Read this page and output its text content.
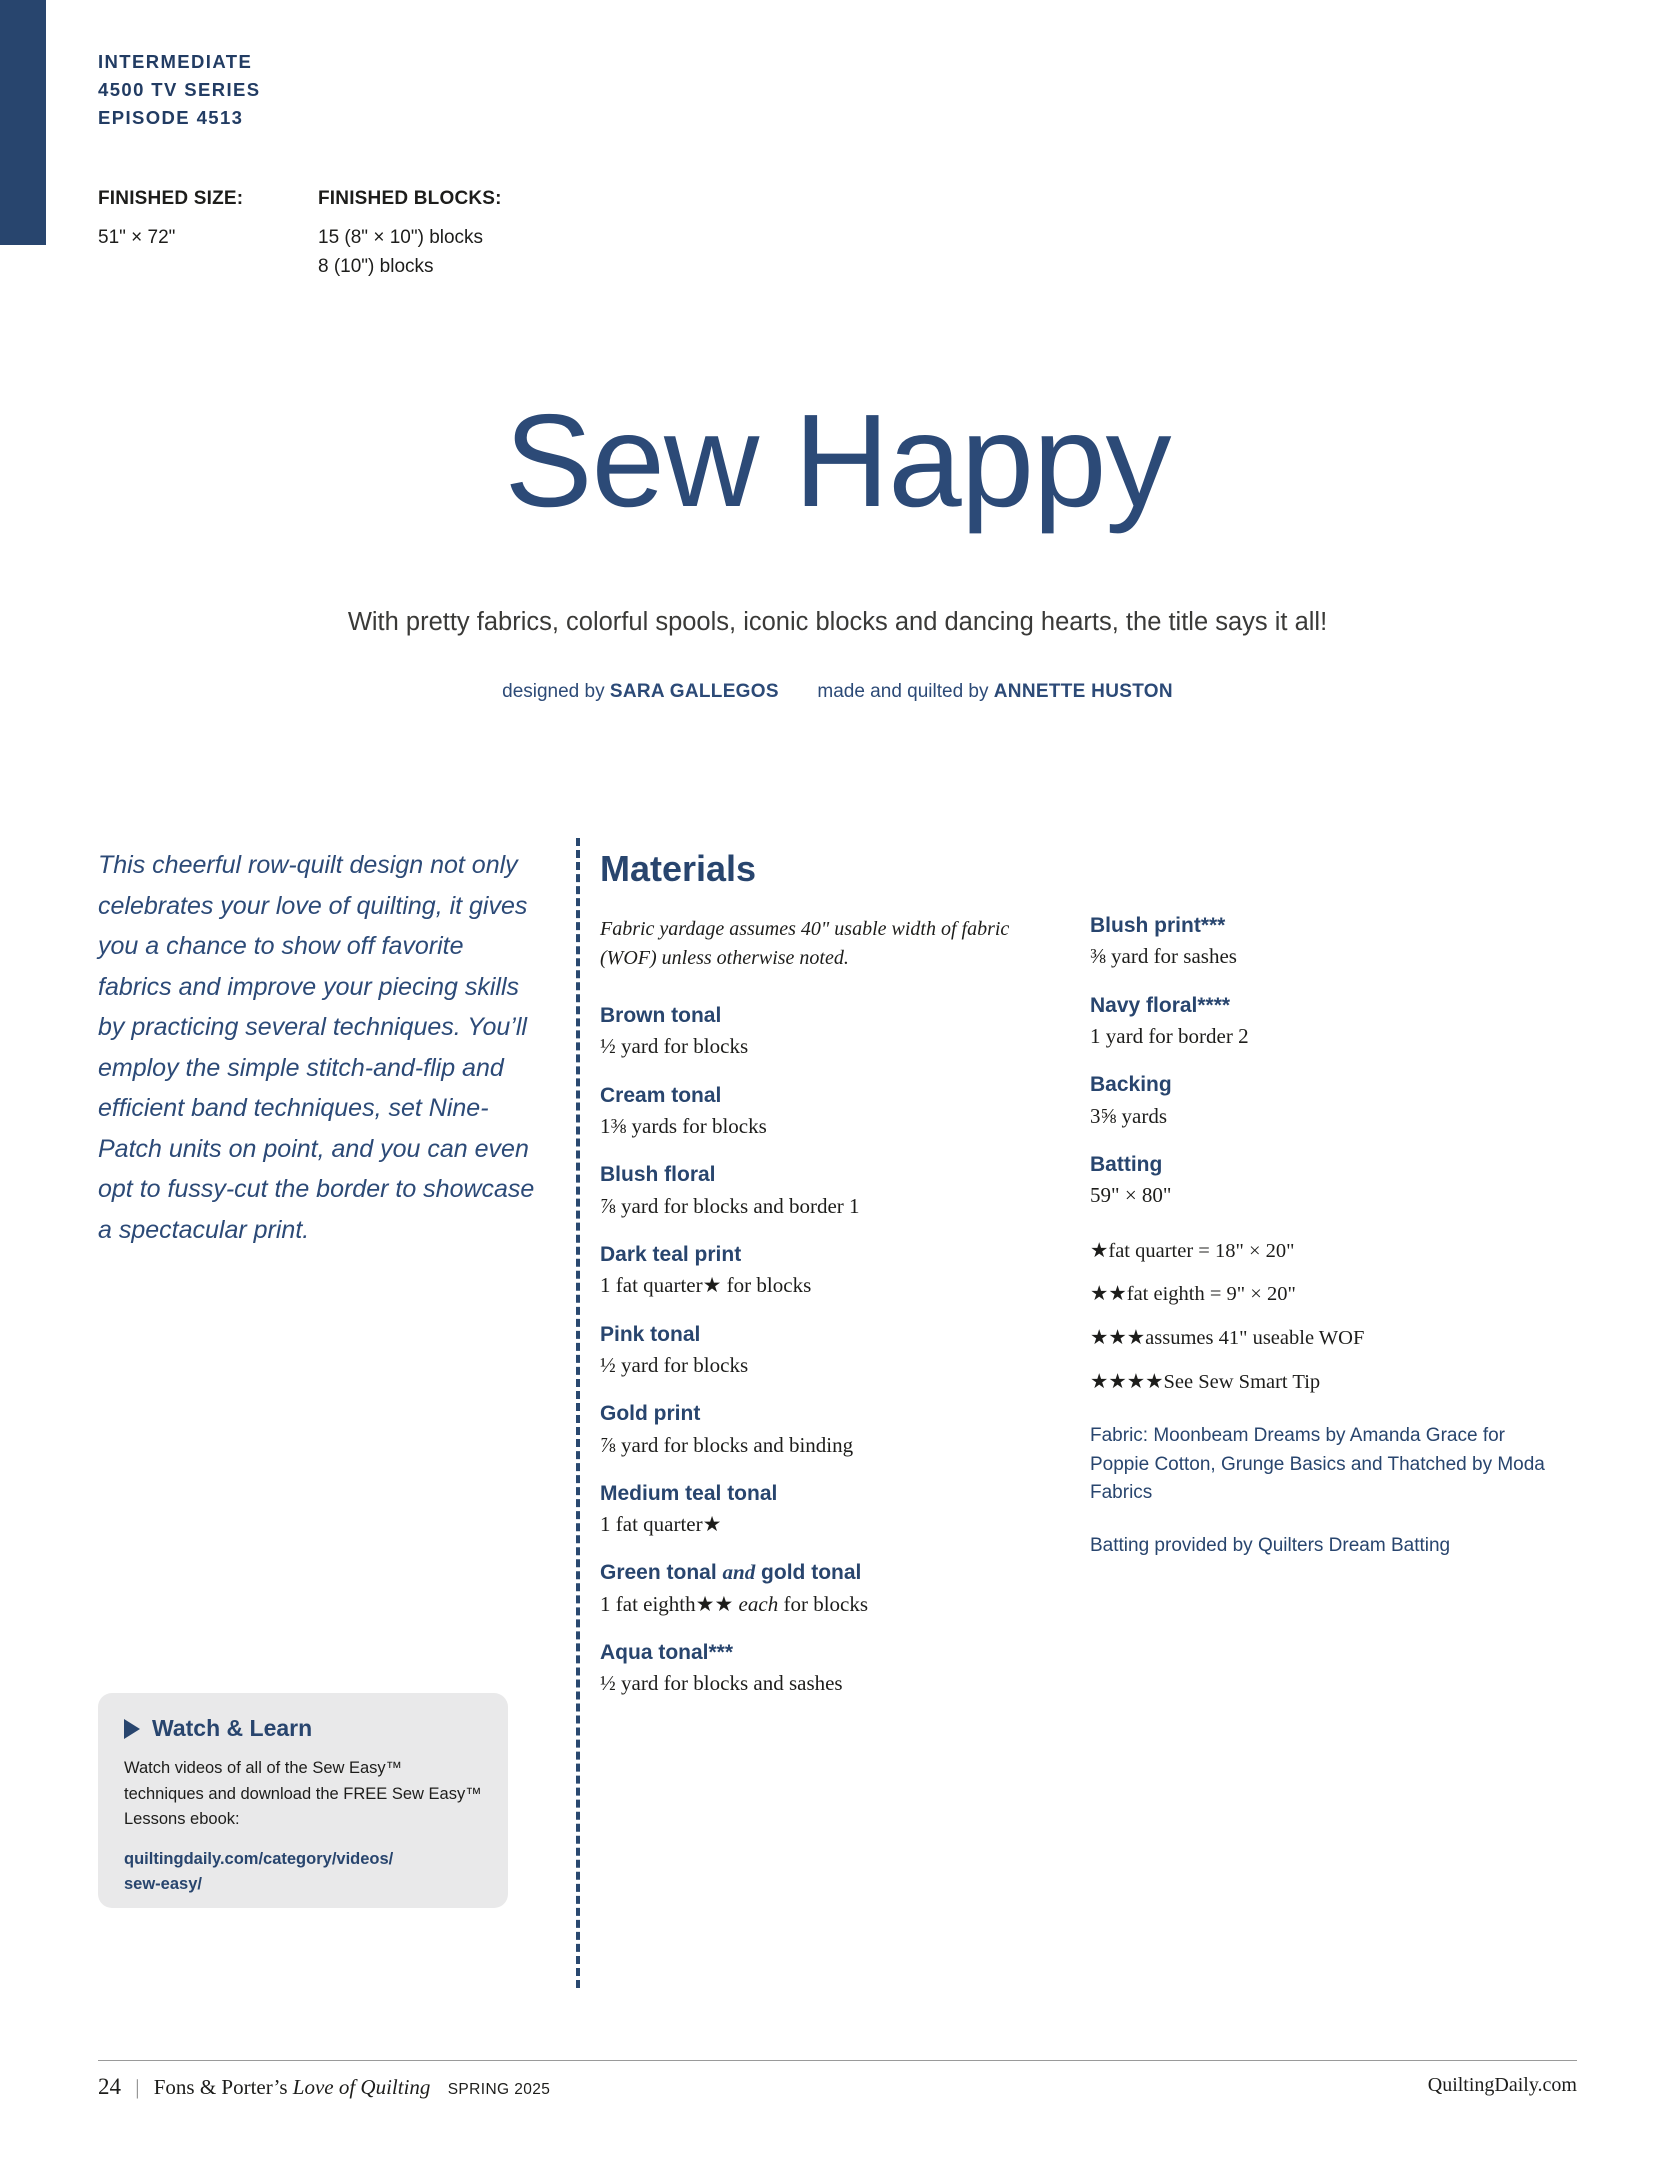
INTERMEDIATE
4500 TV SERIES
EPISODE 4513
FINISHED SIZE:
51" × 72"
FINISHED BLOCKS:
15 (8" × 10") blocks
8 (10") blocks
Sew Happy
With pretty fabrics, colorful spools, iconic blocks and dancing hearts, the title says it all!
designed by SARA GALLEGOS made and quilted by ANNETTE HUSTON
This cheerful row-quilt design not only celebrates your love of quilting, it gives you a chance to show off favorite fabrics and improve your piecing skills by practicing several techniques. You’ll employ the simple stitch-and-flip and efficient band techniques, set Nine-Patch units on point, and you can even opt to fussy-cut the border to showcase a spectacular print.
Watch & Learn
Watch videos of all of the Sew Easy™ techniques and download the FREE Sew Easy™ Lessons ebook:
quiltingdaily.com/category/videos/
sew-easy/
Materials
Fabric yardage assumes 40" usable width of fabric (WOF) unless otherwise noted.
Brown tonal
½ yard for blocks
Cream tonal
1⅜ yards for blocks
Blush floral
⅞ yard for blocks and border 1
Dark teal print
1 fat quarter★ for blocks
Pink tonal
½ yard for blocks
Gold print
⅞ yard for blocks and binding
Medium teal tonal
1 fat quarter★
Green tonal and gold tonal
1 fat eighth★★ each for blocks
Aqua tonal***
½ yard for blocks and sashes
Blush print***
⅜ yard for sashes
Navy floral****
1 yard for border 2
Backing
3⅝ yards
Batting
59" × 80"
★fat quarter = 18" × 20"
★★fat eighth = 9" × 20"
★★★assumes 41" useable WOF
★★★★See Sew Smart Tip
Fabric: Moonbeam Dreams by Amanda Grace for Poppie Cotton, Grunge Basics and Thatched by Moda Fabrics
Batting provided by Quilters Dream Batting
24 | Fons & Porter’s Love of Quilting SPRING 2025	QuiltingDaily.com
